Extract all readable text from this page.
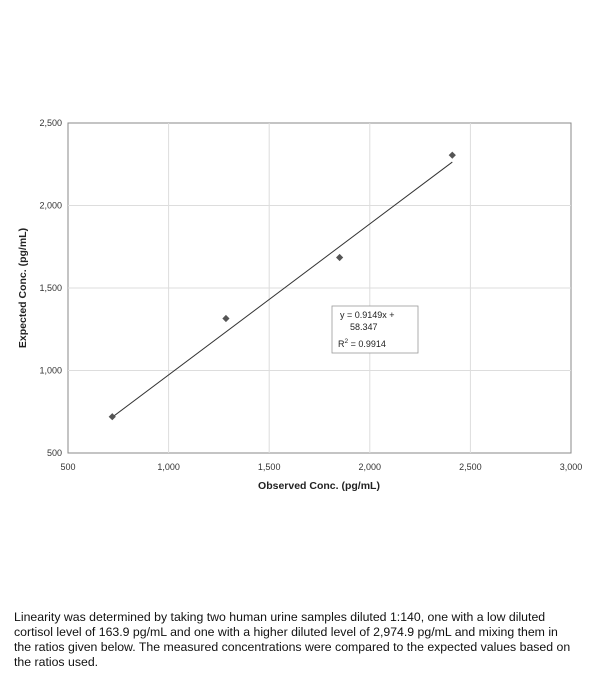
500	1,000	1,500	2,000	2,500	3,000
500
1,000
1,500
2,000
2,500
y = 0.9149x +
58.347
$R^2 = 0.9914$
Observed Conc. (pg/mL)
Expected Conc. (pg/mL)
Linearity was determined by taking two human urine samples diluted 1:140, one with a low diluted cortisol level of 163.9 pg/mL and one with a higher diluted level of 2,974.9 pg/mL and mixing them in the ratios given below. The measured concentrations were compared to the expected values based on the ratios used.
